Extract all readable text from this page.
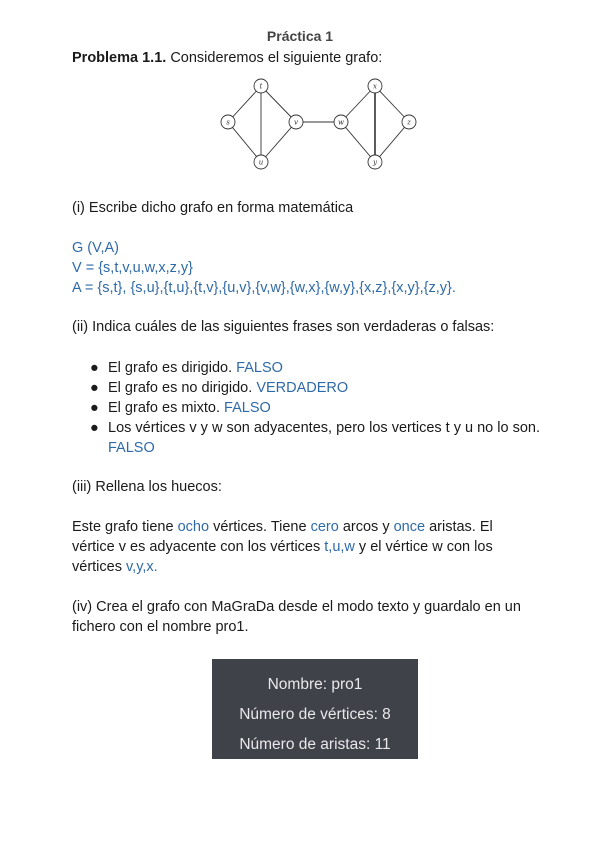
Práctica 1
Problema 1.1. Consideremos el siguiente grafo:
t
s	v
u
w
y
x
z
(i) Escribe dicho grafo en forma matemática
G (V,A)
V = {s,t,v,u,w,x,z,y}
A = {s,t}, {s,u},{t,u},{t,v},{u,v},{v,w},{w,x},{w,y},{x,z},{x,y},{z,y}.
(ii) Indica cuáles de las siguientes frases son verdaderas o falsas:
● El grafo es dirigido. FALSO
● El grafo es no dirigido. VERDADERO
● El grafo es mixto. FALSO
● Los vértices v y w son adyacentes, pero los vertices t y u no lo son. FALSO
(iii) Rellena los huecos:
Este grafo tiene ocho vértices. Tiene cero arcos y once aristas. El
vértice v es adyacente con los vértices t,u,w y el vértice w con los
vértices v,y,x.
(iv) Crea el grafo con MaGraDa desde el modo texto y guardalo en un
fichero con el nombre pro1.
Nombre: pro1
Número de vértices: 8
Número de aristas: 11
